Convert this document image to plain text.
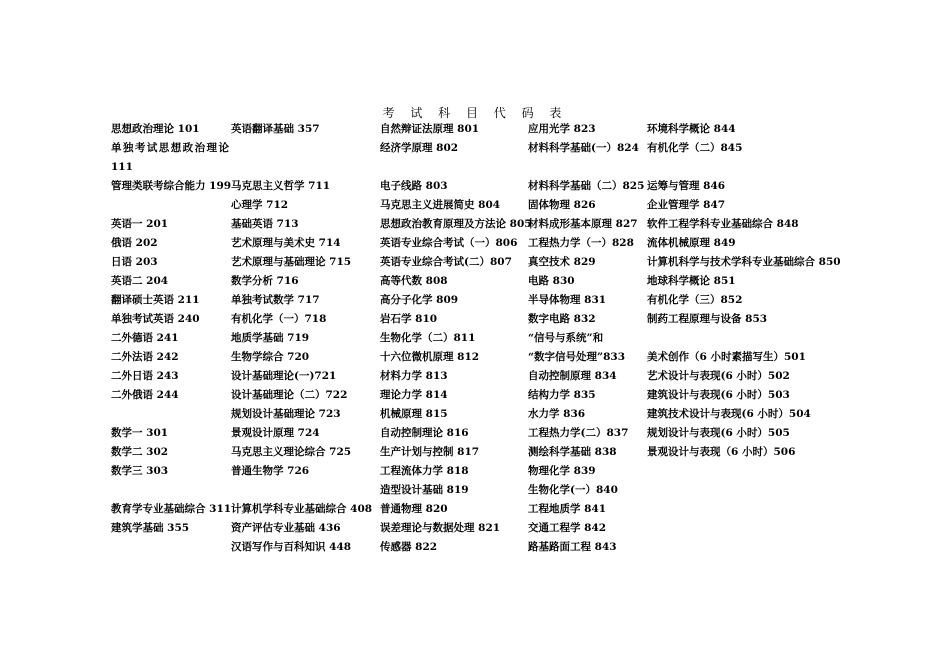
考 试 科 目 代 码 表
思想政治理论 101
单独考试思想政治理论 111
管理类联考综合能力 199
英语一 201
俄语 202
日语 203
英语二 204
翻译硕士英语 211
单独考试英语 240
二外德语 241
二外法语 242
二外日语 243
二外俄语 244
数学一 301
数学二 302
数学三 303
教育学专业基础综合 311
建筑学基础 355
英语翻译基础 357
马克思主义哲学 711
心理学 712
基础英语 713
艺术原理与美术史 714
艺术原理与基础理论 715
数学分析 716
单独考试数学 717
有机化学（一）718
地质学基础 719
生物学综合 720
设计基础理论(一)721
设计基础理论（二）722
规划设计基础理论 723
景观设计原理 724
马克思主义理论综合 725
普通生物学 726
计算机学科专业基础综合 408
资产评估专业基础 436
汉语写作与百科知识 448
自然辩证法原理 801
经济学原理 802
电子线路 803
马克思主义进展简史 804
思想政治教育原理及方法论 805
英语专业综合考试（一）806
英语专业综合考试(二）807
高等代数 808
高分子化学 809
岩石学 810
生物化学（二）811
十六位微机原理 812
材料力学 813
理论力学 814
机械原理 815
自动控制理论 816
生产计划与控制 817
工程流体力学 818
造型设计基础 819
普通物理 820
误差理论与数据处理 821
传感器 822
应用光学 823
材料科学基础(一）824
材料科学基础（二）825
固体物理 826
材料成形基本原理 827
工程热力学（一）828
真空技术 829
电路 830
半导体物理 831
数字电路 832
“信号与系统”和
“数字信号处理”833
自动控制原理 834
结构力学 835
水力学 836
工程热力学(二）837
测绘科学基础 838
物理化学 839
生物化学(一）840
工程地质学 841
交通工程学 842
路基路面工程 843
环境科学概论 844
有机化学（二）845
运筹与管理 846
企业管理学 847
软件工程学科专业基础综合 848
流体机械原理 849
计算机科学与技术学科专业基础综合 850
地球科学概论 851
有机化学（三）852
制药工程原理与设备 853
美术创作（6 小时素描写生）501
艺术设计与表现(6 小时）502
建筑设计与表现(6 小时）503
建筑技术设计与表现(6 小时）504
规划设计与表现(6 小时）505
景观设计与表现（6 小时）506
